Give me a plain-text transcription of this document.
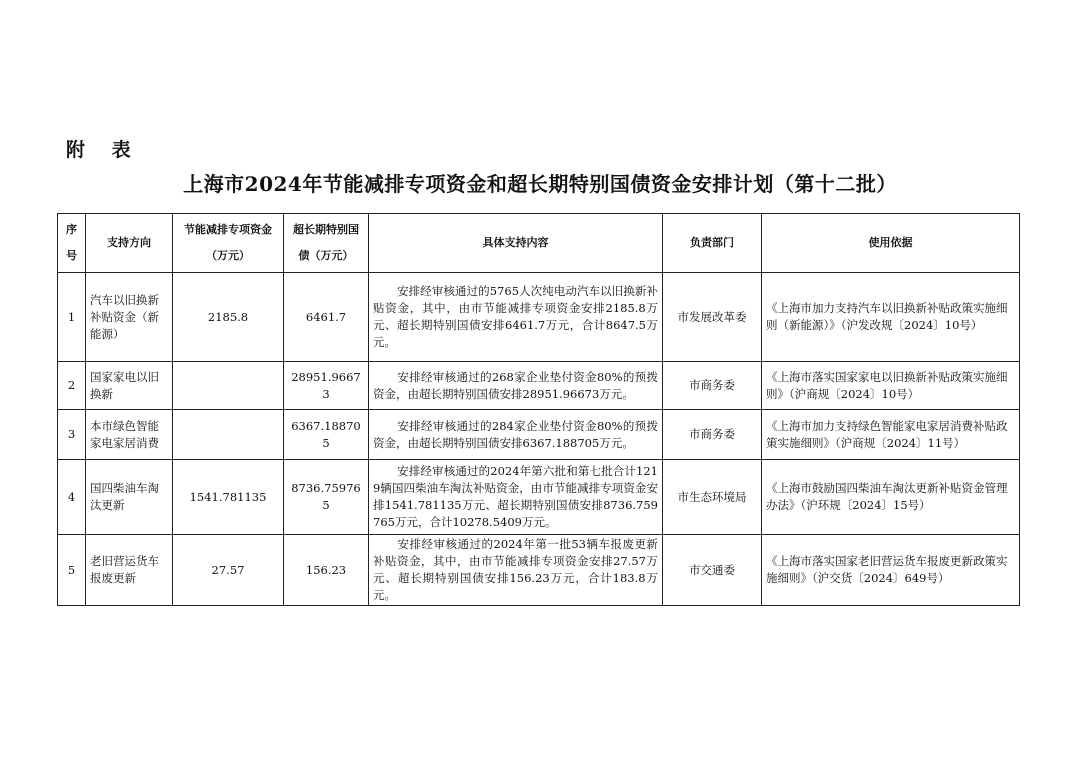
附 表
上海市2024年节能减排专项资金和超长期特别国债资金安排计划（第十二批）
序号	支持方向	节能减排专项资金（万元）	超长期特别国债（万元）	具体支持内容	负责部门	使用依据
1	汽车以旧换新补贴资金（新能源）	2185.8	6461.7	安排经审核通过的5765人次纯电动汽车以旧换新补贴资金，其中，由市节能减排专项资金安排2185.8万元、超长期特别国债安排6461.7万元，合计8647.5万元。	市发展改革委	《上海市加力支持汽车以旧换新补贴政策实施细则（新能源）》（沪发改规〔2024〕10号）
2	国家家电以旧换新		28951.96673	安排经审核通过的268家企业垫付资金80%的预拨资金，由超长期特别国债安排28951.96673万元。	市商务委	《上海市落实国家家电以旧换新补贴政策实施细则》（沪商规〔2024〕10号）
3	本市绿色智能家电家居消费		6367.188705	安排经审核通过的284家企业垫付资金80%的预拨资金，由超长期特别国债安排6367.188705万元。	市商务委	《上海市加力支持绿色智能家电家居消费补贴政策实施细则》（沪商规〔2024〕11号）
4	国四柴油车淘汰更新	1541.781135	8736.759765	安排经审核通过的2024年第六批和第七批合计1219辆国四柴油车淘汰补贴资金，由市节能减排专项资金安排1541.781135万元、超长期特别国债安排8736.759765万元，合计10278.5409万元。	市生态环境局	《上海市鼓励国四柴油车淘汰更新补贴资金管理办法》（沪环规〔2024〕15号）
5	老旧营运货车报废更新	27.57	156.23	安排经审核通过的2024年第一批53辆车报废更新补贴资金，其中，由市节能减排专项资金安排27.57万元、超长期特别国债安排156.23万元，合计183.8万元。	市交通委	《上海市落实国家老旧营运货车报废更新政策实施细则》（沪交货〔2024〕649号）
